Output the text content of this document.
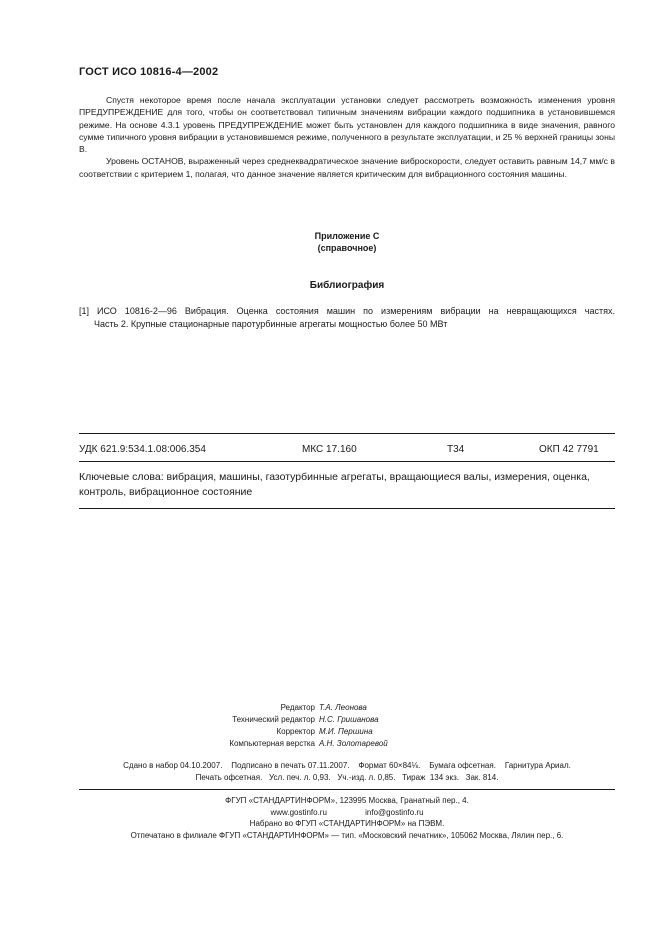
ГОСТ ИСО 10816-4—2002

Спустя некоторое время после начала эксплуатации установки следует рассмотреть возможность изменения уровня ПРЕДУПРЕЖДЕНИЕ для того, чтобы он соответствовал типичным значениям вибрации каждого подшипника в установившемся режиме. На основе 4.3.1 уровень ПРЕДУПРЕЖДЕНИЕ может быть установлен для каждого подшипника в виде значения, равного сумме типичного уровня вибрации в установившемся режиме, полученного в результате эксплуатации, и 25 % верхней границы зоны B.

Уровень ОСТАНОВ, выраженный через среднеквадратическое значение виброскорости, следует оставить равным 14,7 мм/с в соответствии с критерием 1, полагая, что данное значение является критическим для вибрационного состояния машины.

Приложение C
(справочное)
Библиография
[1] ИСО 10816-2—96 Вибрация. Оценка состояния машин по измерениям вибрации на невращающихся частях.
Часть 2. Крупные стационарные паротурбинные агрегаты мощностью более 50 МВт
УДК 621.9:534.1.08:006.354	МКС 17.160	Т34	ОКП 42 7791
Ключевые слова: вибрация, машины, газотурбинные агрегаты, вращающиеся валы, измерения, оценка, контроль, вибрационное состояние
Редактор Т.А. Леонова
Технический редактор Н.С. Гришанова
Корректор М.И. Першина
Компьютерная верстка А.Н. Золотаревой
Сдано в набор 04.10.2007.    Подписано в печать 07.11.2007.    Формат 60×84⅛.    Бумага офсетная.    Гарнитура Ариал.
Печать офсетная.   Усл. печ. л. 0,93.   Уч.-изд. л. 0,85.   Тираж  134 экз.   Зак. 814.
ФГУП «СТАНДАРТИНФОРМ», 123995 Москва, Гранатный пер., 4.
www.gostinfo.ru	info@gostinfo.ru
Набрано во ФГУП «СТАНДАРТИНФОРМ» на ПЭВМ.
Отпечатано в филиале ФГУП «СТАНДАРТИНФОРМ» — тип. «Московский печатник», 105062 Москва, Лялин пер., 6.
